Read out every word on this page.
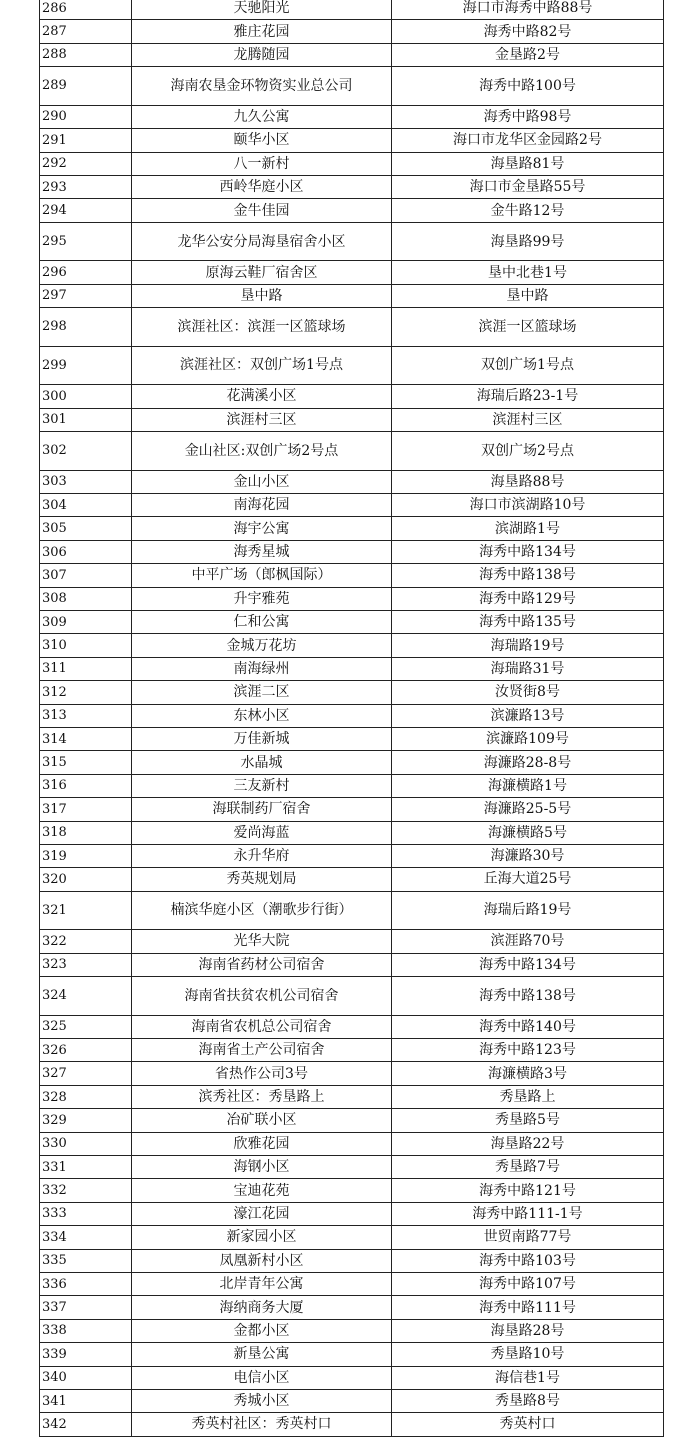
286	天驰阳光	海口市海秀中路88号
287	雅庄花园	海秀中路82号
288	龙腾随园	金垦路2号
289	海南农垦金环物资实业总公司	海秀中路100号
290	九久公寓	海秀中路98号
291	颐华小区	海口市龙华区金园路2号
292	八一新村	海垦路81号
293	西岭华庭小区	海口市金垦路55号
294	金牛佳园	金牛路12号
295	龙华公安分局海垦宿舍小区	海垦路99号
296	原海云鞋厂宿舍区	垦中北巷1号
297	垦中路	垦中路
298	滨涯社区：滨涯一区篮球场	滨涯一区篮球场
299	滨涯社区：双创广场1号点	双创广场1号点
300	花满溪小区	海瑞后路23-1号
301	滨涯村三区	滨涯村三区
302	金山社区:双创广场2号点	双创广场2号点
303	金山小区	海垦路88号
304	南海花园	海口市滨湖路10号
305	海宇公寓	滨湖路1号
306	海秀星城	海秀中路134号
307	中平广场（郎枫国际）	海秀中路138号
308	升宇雅苑	海秀中路129号
309	仁和公寓	海秀中路135号
310	金城万花坊	海瑞路19号
311	南海绿州	海瑞路31号
312	滨涯二区	汝贤街8号
313	东林小区	滨濂路13号
314	万佳新城	滨濂路109号
315	水晶城	海濂路28-8号
316	三友新村	海濂横路1号
317	海联制药厂宿舍	海濂路25-5号
318	爱尚海蓝	海濂横路5号
319	永升华府	海濂路30号
320	秀英规划局	丘海大道25号
321	楠滨华庭小区（潮歌步行街）	海瑞后路19号
322	光华大院	滨涯路70号
323	海南省药材公司宿舍	海秀中路134号
324	海南省扶贫农机公司宿舍	海秀中路138号
325	海南省农机总公司宿舍	海秀中路140号
326	海南省土产公司宿舍	海秀中路123号
327	省热作公司3号	海濂横路3号
328	滨秀社区：秀垦路上	秀垦路上
329	冶矿联小区	秀垦路5号
330	欣雅花园	海垦路22号
331	海钢小区	秀垦路7号
332	宝迪花苑	海秀中路121号
333	濠江花园	海秀中路111-1号
334	新家园小区	世贸南路77号
335	凤凰新村小区	海秀中路103号
336	北岸青年公寓	海秀中路107号
337	海纳商务大厦	海秀中路111号
338	金都小区	海垦路28号
339	新垦公寓	秀垦路10号
340	电信小区	海信巷1号
341	秀城小区	秀垦路8号
342	秀英村社区：秀英村口	秀英村口
